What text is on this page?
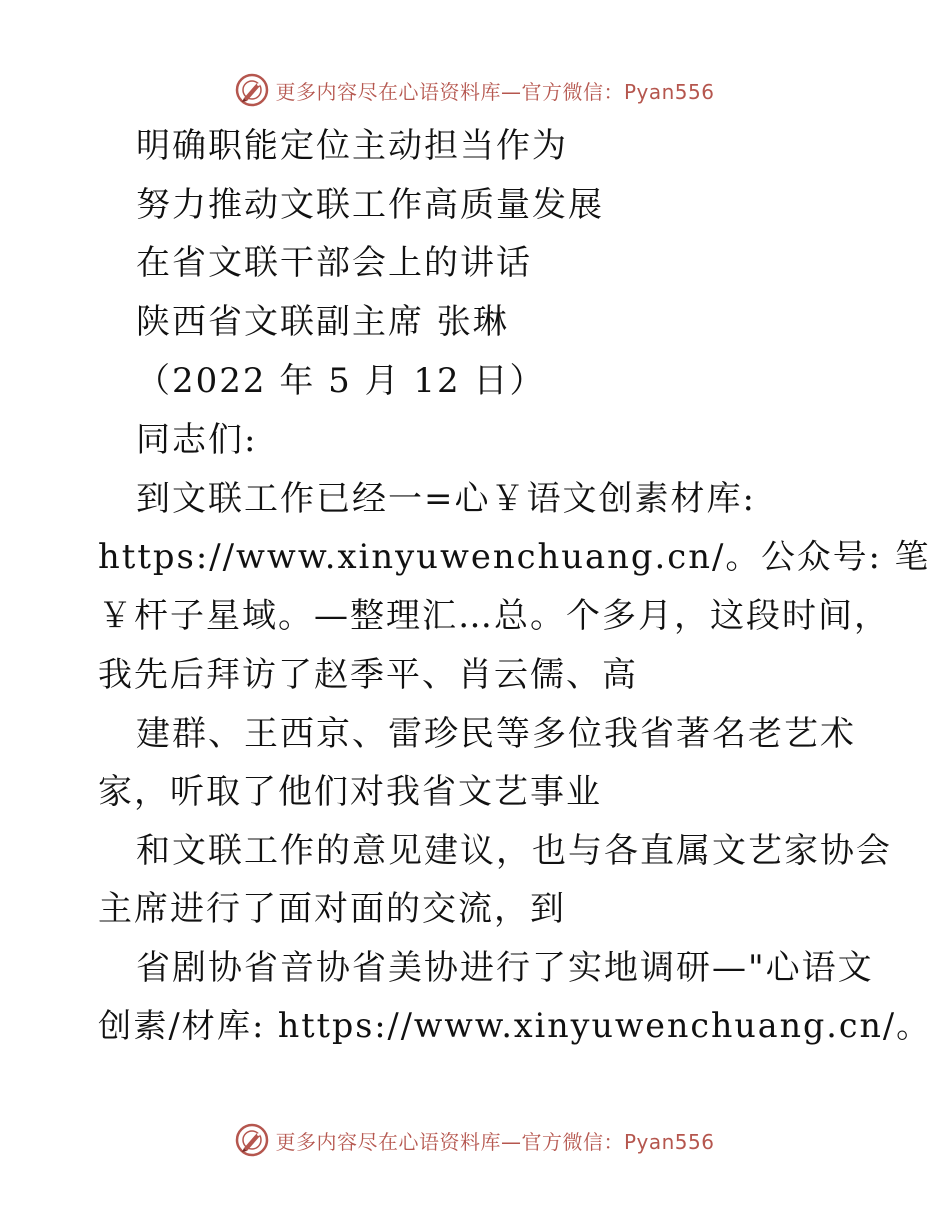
更多内容尽在心语资料库—官方微信：Pyan556
明确职能定位主动担当作为
努力推动文联工作高质量发展
在省文联干部会上的讲话
陕西省文联副主席 张琳
（2022 年 5 月 12 日）
同志们:
到文联工作已经一=心￥语文创素材库:
https://www.xinyuwenchuang.cn/。公众号: 笔
￥杆子星域。—整理汇…总。个多月，这段时间，
我先后拜访了赵季平、肖云儒、高
建群、王西京、雷珍民等多位我省著名老艺术
家，听取了他们对我省文艺事业
和文联工作的意见建议，也与各直属文艺家协会
主席进行了面对面的交流，到
省剧协省音协省美协进行了实地调研—"心语文
创素/材库: https://www.xinyuwenchuang.cn/。
更多内容尽在心语资料库—官方微信：Pyan556
